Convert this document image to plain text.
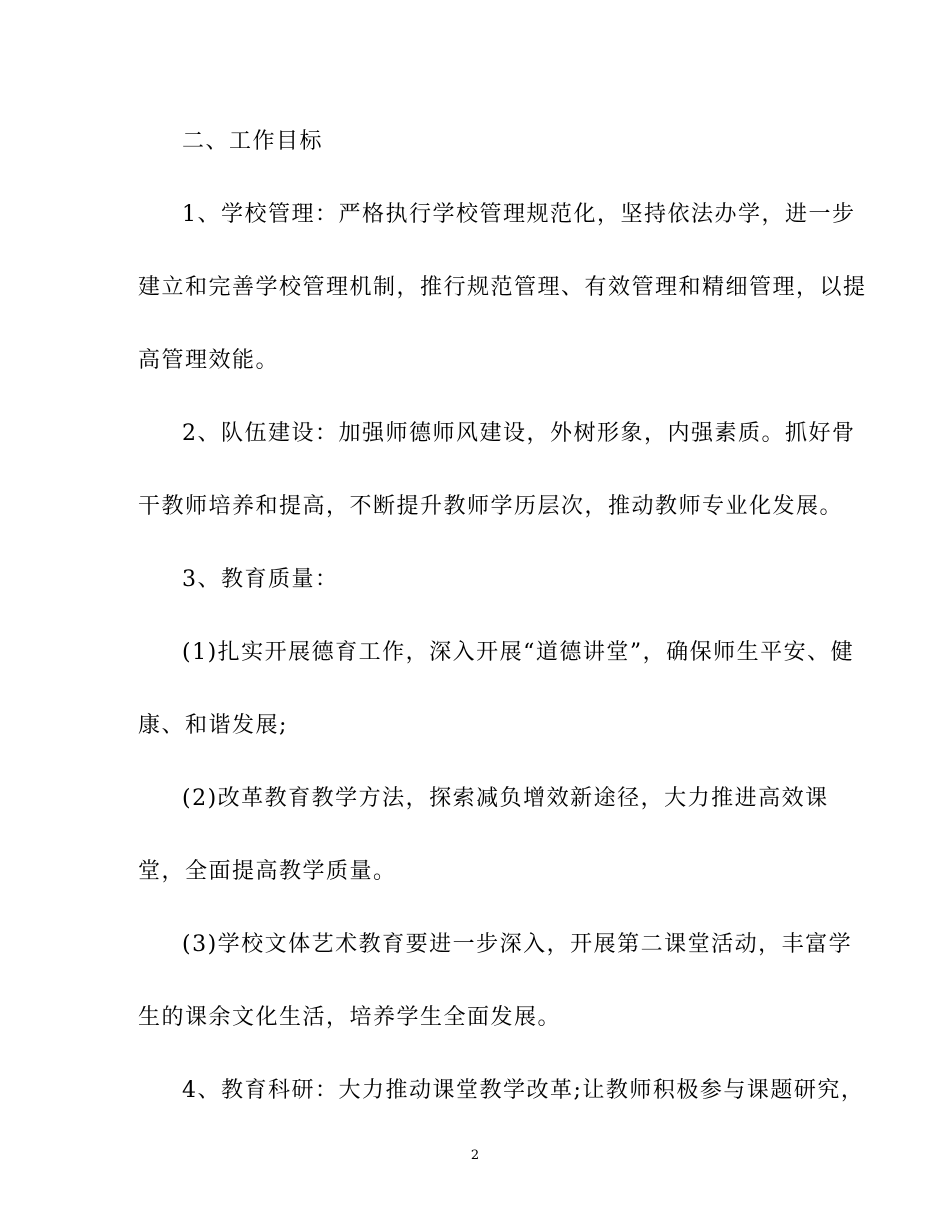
二、工作目标

1、学校管理：严格执行学校管理规范化，坚持依法办学，进一步

建立和完善学校管理机制，推行规范管理、有效管理和精细管理，以提

高管理效能。

2、队伍建设：加强师德师风建设，外树形象，内强素质。抓好骨

干教师培养和提高，不断提升教师学历层次，推动教师专业化发展。

3、教育质量：

(1)扎实开展德育工作，深入开展“道德讲堂”，确保师生平安、健

康、和谐发展;

(2)改革教育教学方法，探索减负增效新途径，大力推进高效课

堂，全面提高教学质量。

(3)学校文体艺术教育要进一步深入，开展第二课堂活动，丰富学

生的课余文化生活，培养学生全面发展。

4、教育科研：大力推动课堂教学改革;让教师积极参与课题研究，

2
